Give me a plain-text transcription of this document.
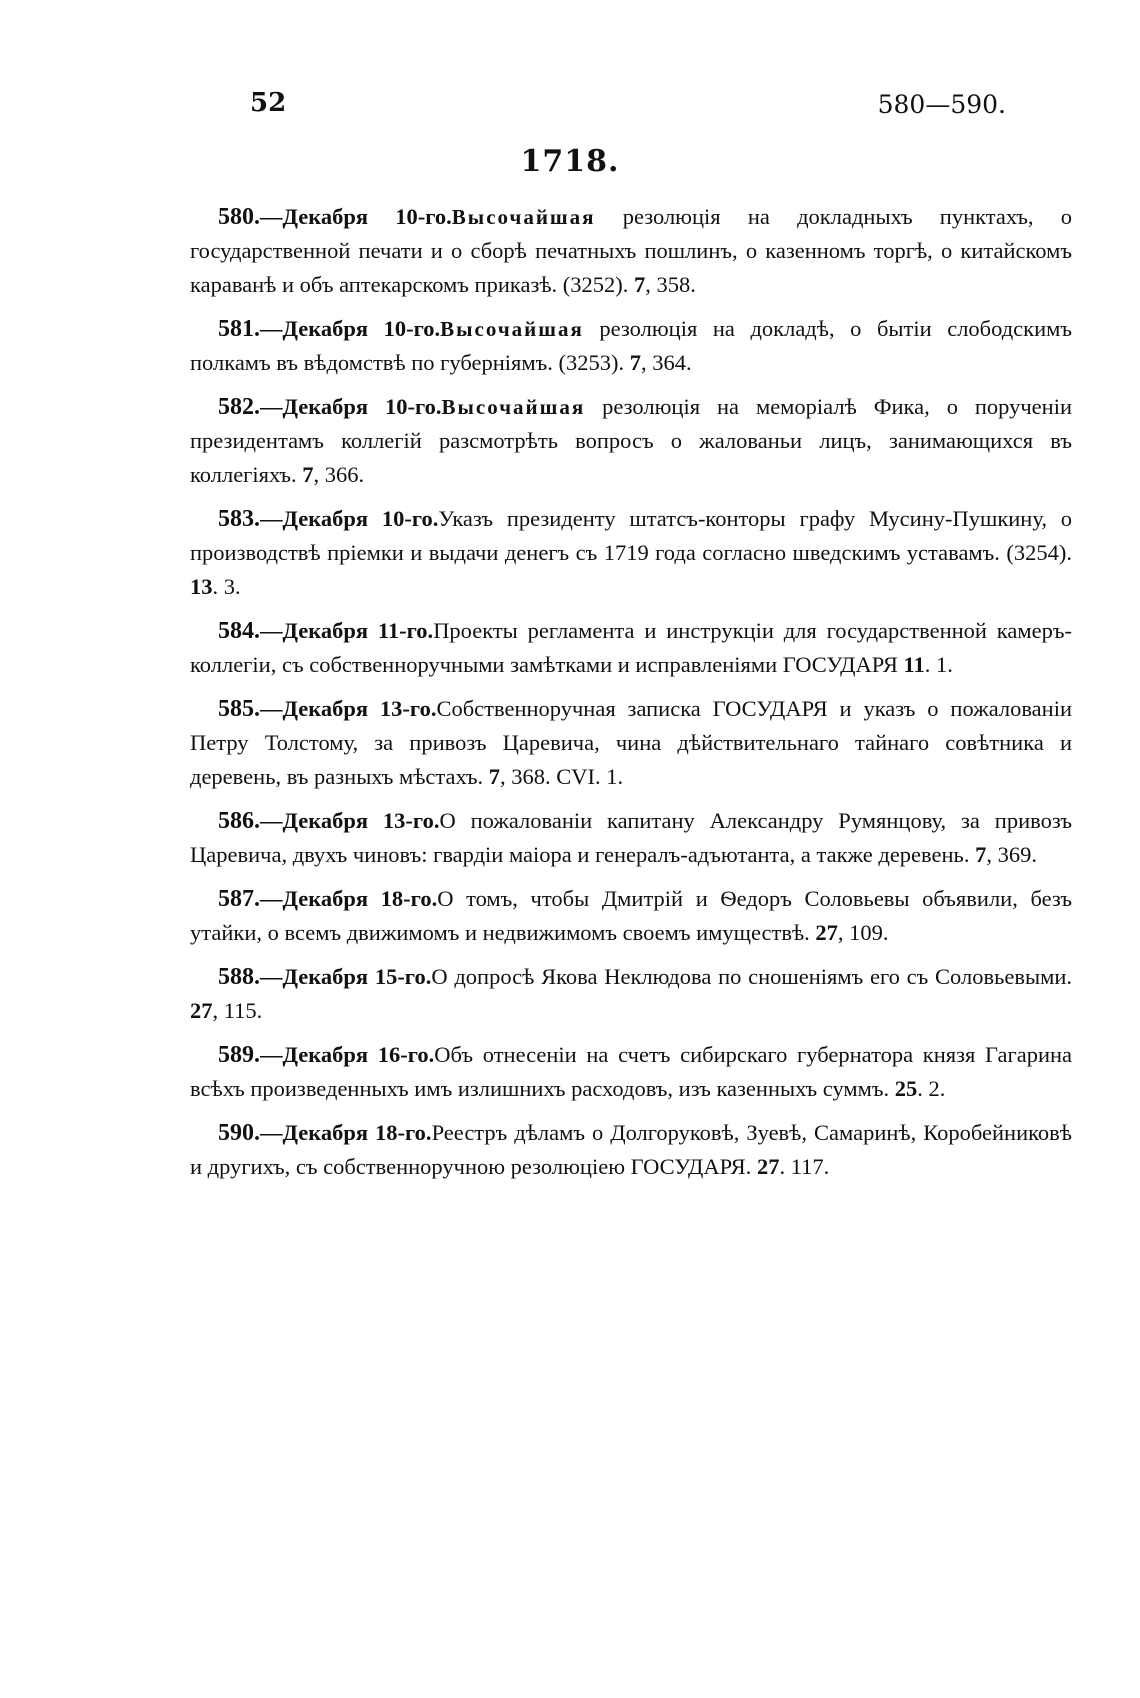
52	580—590.
1718.

580.—Декабря 10-го.Высочайшая резолюція на докладныхъ пунктахъ, о государственной печати и о сборѣ печатныхъ пошлинъ, о казенномъ торгѣ, о китайскомъ караванѣ и объ аптекарскомъ приказѣ. (3252). 7, 358.

581.—Декабря 10-го.Высочайшая резолюція на докладѣ, о бытіи слободскимъ полкамъ въ вѣдомствѣ по губерніямъ. (3253). 7, 364.

582.—Декабря 10-го.Высочайшая резолюція на меморіалѣ Фика, о порученіи президентамъ коллегій разсмотрѣть вопросъ о жалованьи лицъ, занимающихся въ коллегіяхъ. 7, 366.

583.—Декабря 10-го.Указъ президенту штатсъ-конторы графу Мусину-Пушкину, о производствѣ пріемки и выдачи денегъ съ 1719 года согласно шведскимъ уставамъ. (3254). 13. 3.

584.—Декабря 11-го.Проекты регламента и инструкціи для государственной камеръ-коллегіи, съ собственноручными замѣтками и исправленіями ГОСУДАРЯ 11. 1.

585.—Декабря 13-го.Собственноручная записка ГОСУДАРЯ и указъ о пожалованіи Петру Толстому, за привозъ Царевича, чина дѣйствительнаго тайнаго совѣтника и деревень, въ разныхъ мѣстахъ. 7, 368. CVI. 1.

586.—Декабря 13-го.О пожалованіи капитану Александру Румянцову, за привозъ Царевича, двухъ чиновъ: гвардіи маіора и генералъ-адъютанта, а также деревень. 7, 369.

587.—Декабря 18-го.О томъ, чтобы Дмитрій и Ѳедоръ Соловьевы объявили, безъ утайки, о всемъ движимомъ и недвижимомъ своемъ имуществѣ. 27, 109.

588.—Декабря 15-го.О допросѣ Якова Неклюдова по сношеніямъ его съ Соловьевыми. 27, 115.

589.—Декабря 16-го.Объ отнесеніи на счетъ сибирскаго губернатора князя Гагарина всѣхъ произведенныхъ имъ излишнихъ расходовъ, изъ казенныхъ суммъ. 25. 2.

590.—Декабря 18-го.Реестръ дѣламъ о Долгоруковѣ, Зуевѣ, Самаринѣ, Коробейниковѣ и другихъ, съ собственноручною резолюціею ГОСУДАРЯ. 27. 117.
